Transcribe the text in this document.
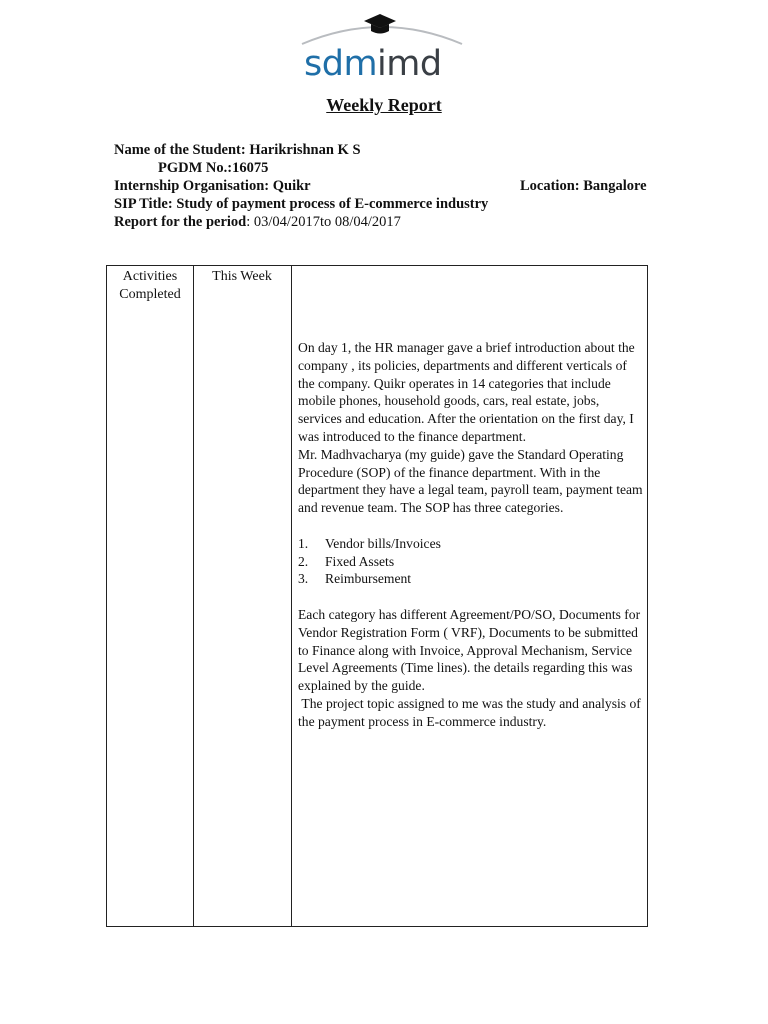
sdmimd
Weekly Report
Name of the Student: Harikrishnan K S
PGDM No.:16075
Internship Organisation: Quikr	Location: Bangalore
SIP Title: Study of payment process of E-commerce industry
Report for the period: 03/04/2017to 08/04/2017
Activities
Completed
This Week

On day 1, the HR manager gave a brief introduction about the company , its policies, departments and different verticals of the company. Quikr operates in 14 categories that include mobile phones, household goods, cars, real estate, jobs, services and education. After the orientation on the first day, I was introduced to the finance department.

Mr. Madhvacharya (my guide) gave the Standard Operating Procedure (SOP) of the finance department. With in the department they have a legal team, payroll team, payment team and revenue team. The SOP has three categories.

1. Vendor bills/Invoices
2. Fixed Assets
3. Reimbursement

Each category has different Agreement/PO/SO, Documents for Vendor Registration Form ( VRF), Documents to be submitted to Finance along with Invoice, Approval Mechanism, Service Level Agreements (Time lines). the details regarding this was explained by the guide.

The project topic assigned to me was the study and analysis of the payment process in E-commerce industry.
